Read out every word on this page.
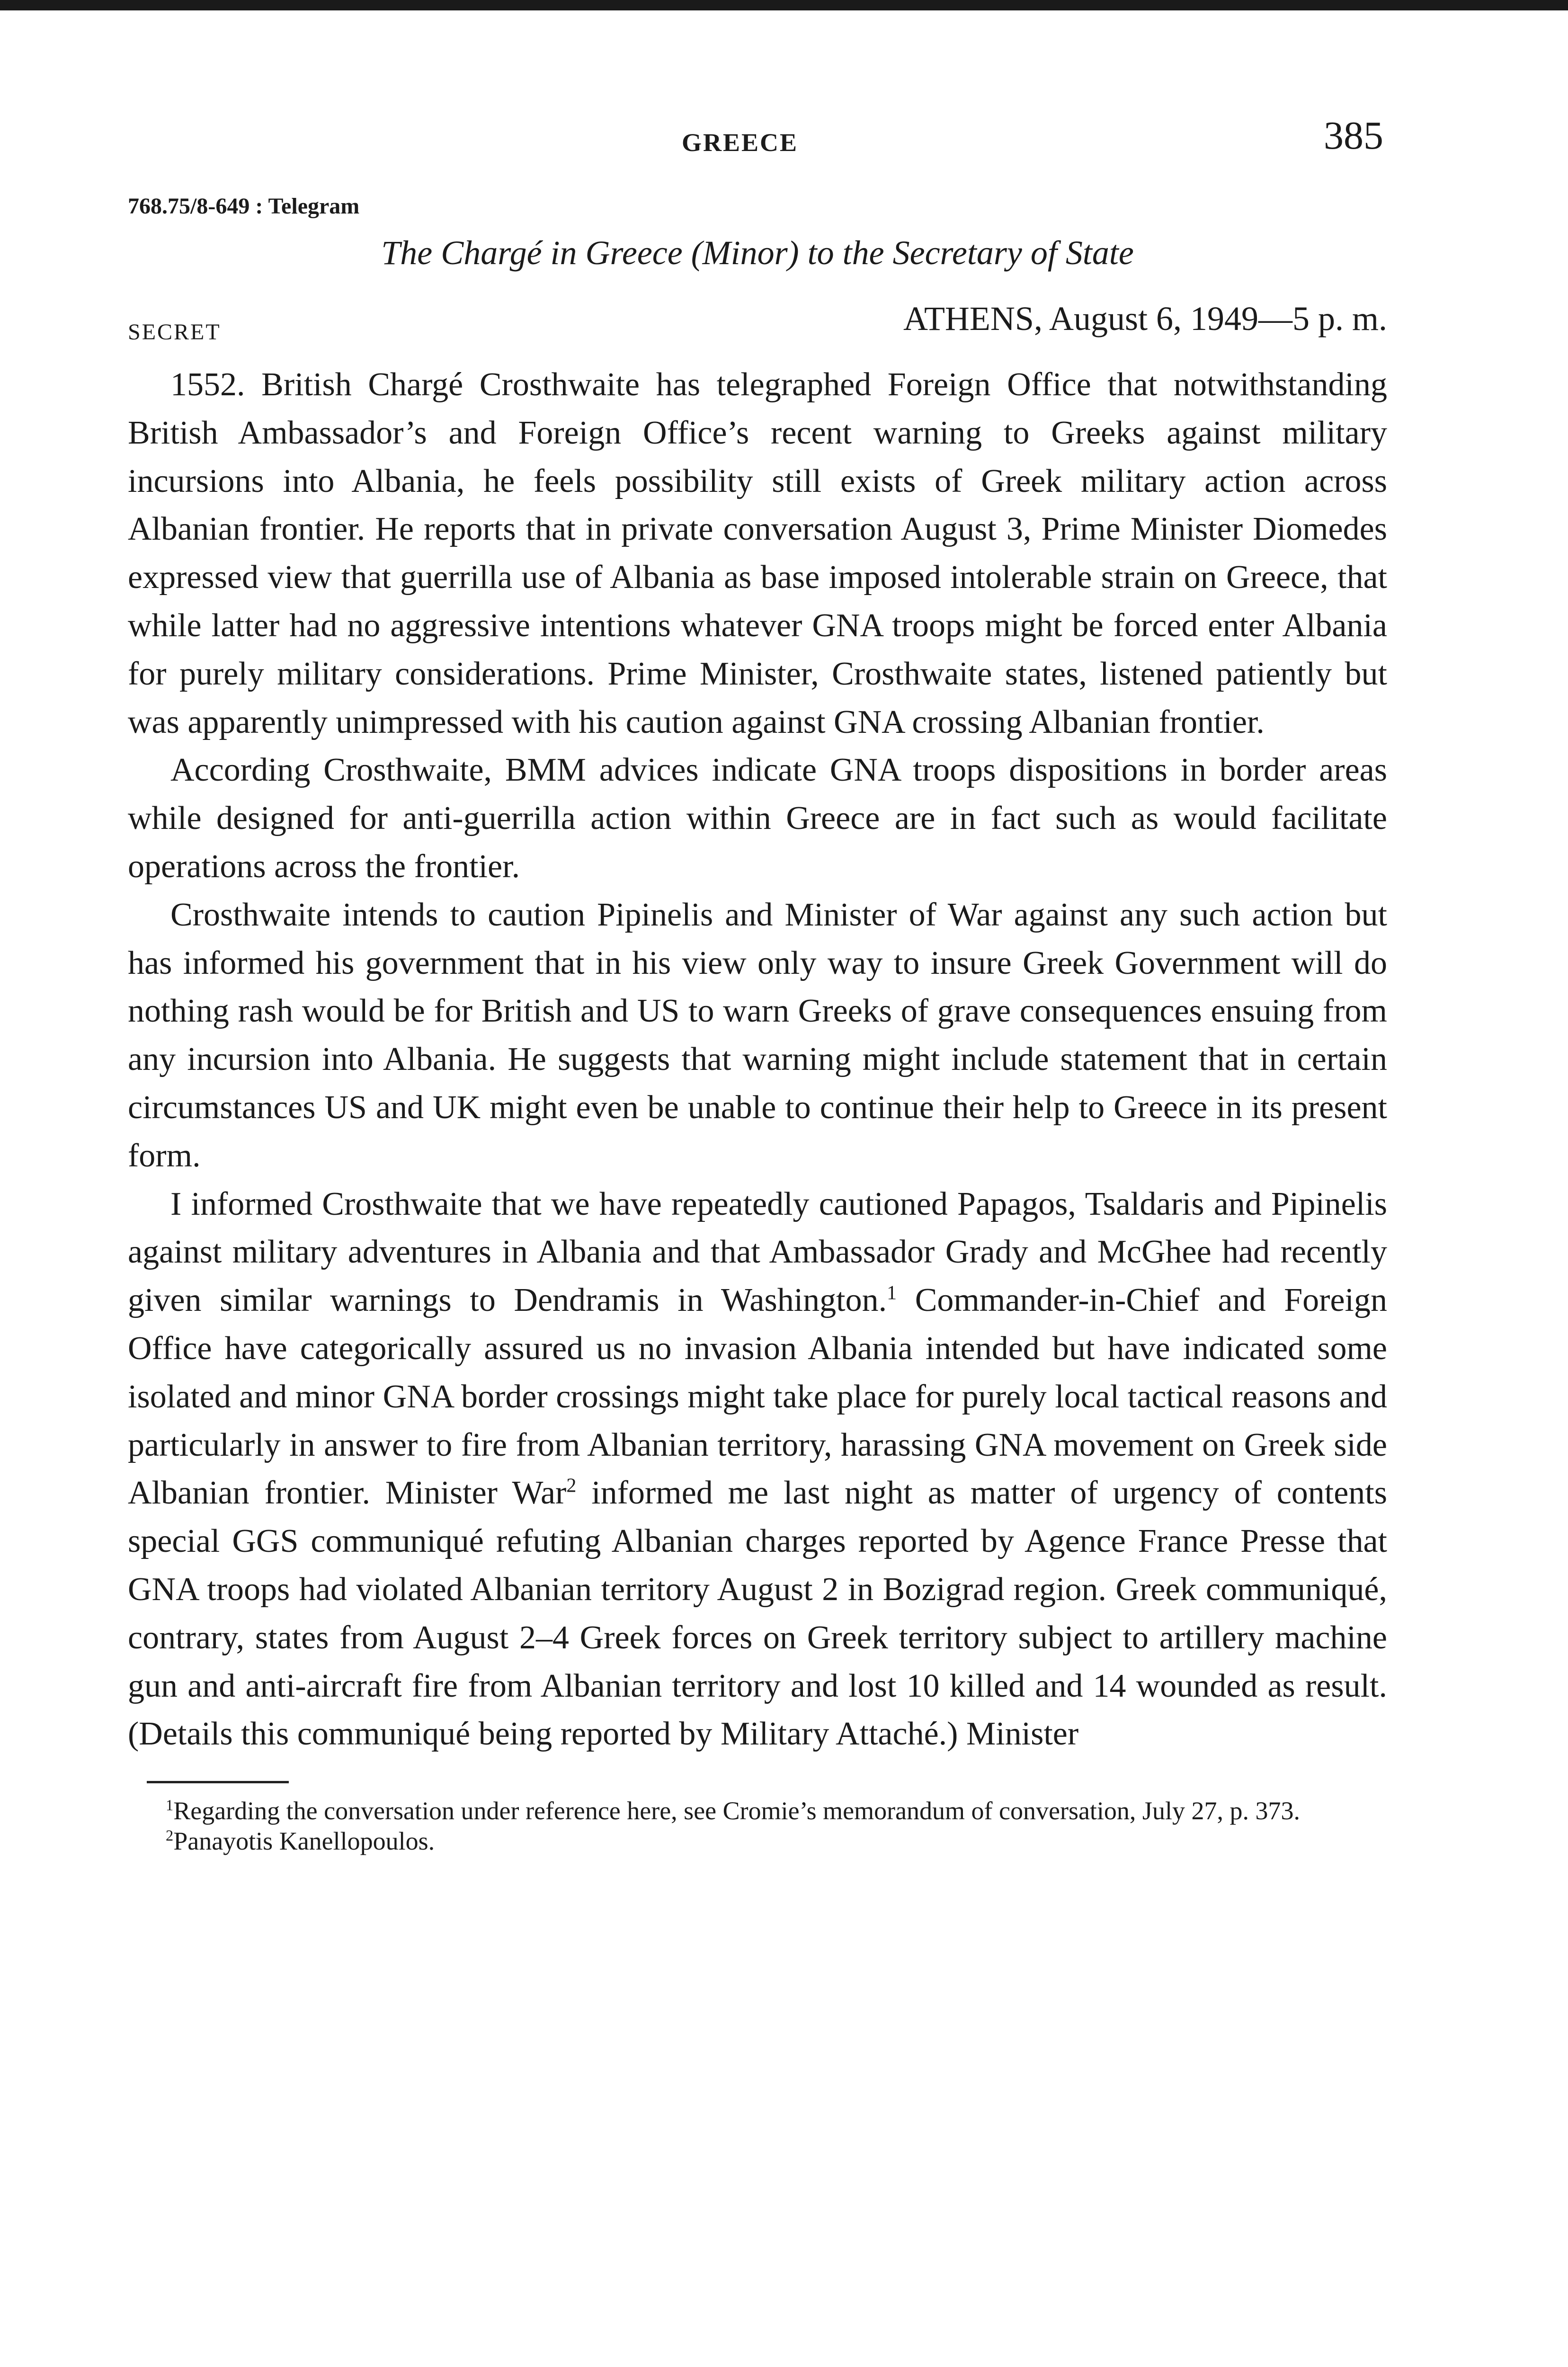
GREECE	385
768.75/8-649 : Telegram
The Chargé in Greece (Minor) to the Secretary of State
SECRET	ATHENS, August 6, 1949—5 p. m.

1552. British Chargé Crosthwaite has telegraphed Foreign Office that notwithstanding British Ambassador’s and Foreign Office’s recent warning to Greeks against military incursions into Albania, he feels possibility still exists of Greek military action across Albanian frontier. He reports that in private conversation August 3, Prime Minister Diomedes expressed view that guerrilla use of Albania as base imposed intolerable strain on Greece, that while latter had no aggressive intentions whatever GNA troops might be forced enter Albania for purely military considerations. Prime Minister, Crosthwaite states, listened patiently but was apparently unimpressed with his caution against GNA crossing Albanian frontier.

According Crosthwaite, BMM advices indicate GNA troops dispositions in border areas while designed for anti-guerrilla action within Greece are in fact such as would facilitate operations across the frontier.

Crosthwaite intends to caution Pipinelis and Minister of War against any such action but has informed his government that in his view only way to insure Greek Government will do nothing rash would be for British and US to warn Greeks of grave consequences ensuing from any incursion into Albania. He suggests that warning might include statement that in certain circumstances US and UK might even be unable to continue their help to Greece in its present form.

I informed Crosthwaite that we have repeatedly cautioned Papagos, Tsaldaris and Pipinelis against military adventures in Albania and that Ambassador Grady and McGhee had recently given similar warnings to Dendramis in Washington.$^1$ Commander-in-Chief and Foreign Office have categorically assured us no invasion Albania intended but have indicated some isolated and minor GNA border crossings might take place for purely local tactical reasons and particularly in answer to fire from Albanian territory, harassing GNA movement on Greek side Albanian frontier. Minister War$^2$ informed me last night as matter of urgency of contents special GGS communiqué refuting Albanian charges reported by Agence France Presse that GNA troops had violated Albanian territory August 2 in Bozigrad region. Greek communiqué, contrary, states from August 2–4 Greek forces on Greek territory subject to artillery machine gun and anti-aircraft fire from Albanian territory and lost 10 killed and 14 wounded as result. (Details this communiqué being reported by Military Attaché.) Minister

$^1$Regarding the conversation under reference here, see Cromie’s memorandum of conversation, July 27, p. 373.

$^2$Panayotis Kanellopoulos.
